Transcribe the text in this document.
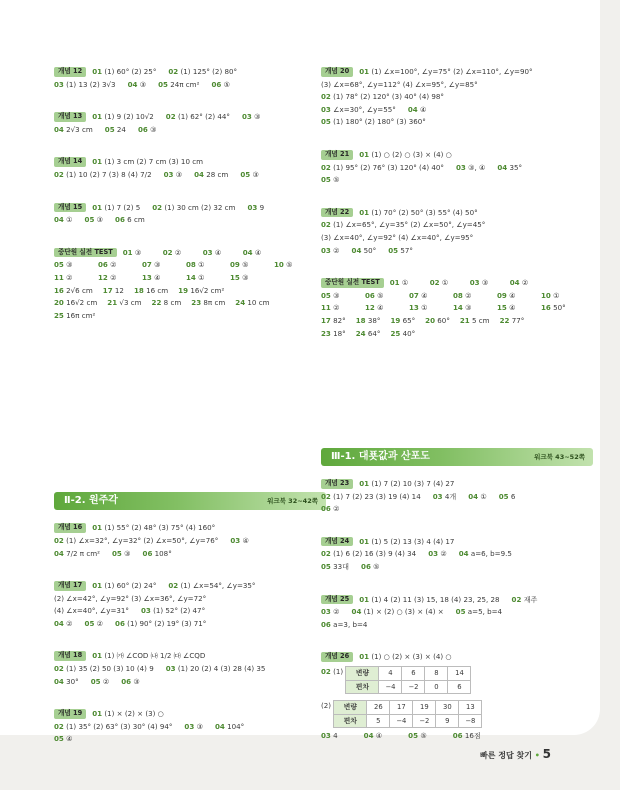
개념 12 01 (1) 60° (2) 25° 02 (1) 125° (2) 80°
03 (1) 13 (2) 3√3 04 ③ 05 24π cm² 06 ⑤
개념 13 01 (1) 9 (2) 10√2 02 (1) 62° (2) 44° 03 ③
04 2√3 cm 05 24 06 ③
개념 14 01 (1) 3 cm (2) 7 cm (3) 10 cm
02 (1) 10 (2) 7 (3) 8 (4) 7/2 03 ③ 04 28 cm 05 ③
개념 15 01 (1) 7 (2) 5 02 (1) 30 cm (2) 32 cm 03 9
04 ① 05 ③ 06 6 cm
중단원 실전 TEST 01 ③	02 ②	03 ④	04 ④
05 ③	06 ②	07 ③	08 ①	09 ⑤	10 ⑤
11 ②	12 ②	13 ④	14 ①	15 ③
16 2√6 cm 17 12 18 16 cm 19 16√2 cm²
20 16√2 cm 21 √3 cm 22 8 cm 23 8π cm 24 10 cm
25 16π cm²
Ⅱ-2. 원주각	워크북 32~42쪽
개념 16 01 (1) 55° (2) 48° (3) 75° (4) 160°
02 (1) ∠x=32°, ∠y=32° (2) ∠x=50°, ∠y=76° 03 ④
04 7/2 π cm² 05 ③ 06 108°
개념 17 01 (1) 60° (2) 24° 02 (1) ∠x=54°, ∠y=35°
(2) ∠x=42°, ∠y=92° (3) ∠x=36°, ∠y=72°
(4) ∠x=40°, ∠y=31° 03 (1) 52° (2) 47°
04 ② 05 ② 06 (1) 90° (2) 19° (3) 71°
개념 18 01 (1) ㈎ ∠COD ㈏ 1/2 ㈐ ∠CQD
02 (1) 35 (2) 50 (3) 10 (4) 9 03 (1) 20 (2) 4 (3) 28 (4) 35
04 30° 05 ② 06 ③
개념 19 01 (1) × (2) × (3) ○
02 (1) 35° (2) 63° (3) 30° (4) 94° 03 ③ 04 104°
05 ④
개념 20 01 (1) ∠x=100°, ∠y=75° (2) ∠x=110°, ∠y=90°
(3) ∠x=68°, ∠y=112° (4) ∠x=95°, ∠y=85°
02 (1) 78° (2) 120° (3) 40° (4) 98°
03 ∠x=30°, ∠y=55° 04 ④
05 (1) 180° (2) 180° (3) 360°
개념 21 01 (1) ○ (2) ○ (3) × (4) ○
02 (1) 95° (2) 76° (3) 120° (4) 40° 03 ③, ④ 04 35°
05 ⑤
개념 22 01 (1) 70° (2) 50° (3) 55° (4) 50°
02 (1) ∠x=65°, ∠y=35° (2) ∠x=50°, ∠y=45°
(3) ∠x=40°, ∠y=92° (4) ∠x=40°, ∠y=95°
03 ② 04 50° 05 57°
중단원 실전 TEST 01 ①	02 ①	03 ③	04 ②
05 ③	06 ⑤	07 ④	08 ②	09 ④	10 ①
11 ②	12 ④	13 ①	14 ③	15 ④	16 50°
17 82° 18 38° 19 65° 20 60° 21 5 cm 22 77°
23 18° 24 64° 25 40°
Ⅲ-1. 대푯값과 산포도	워크북 43~52쪽
개념 23 01 (1) 7 (2) 10 (3) 7 (4) 27
02 (1) 7 (2) 23 (3) 19 (4) 14 03 4개 04 ① 05 6
06 ②
개념 24 01 (1) 5 (2) 13 (3) 4 (4) 17
02 (1) 6 (2) 16 (3) 9 (4) 34 03 ② 04 a=6, b=9.5
05 33대 06 ⑤
개념 25 01 (1) 4 (2) 11 (3) 15, 18 (4) 23, 25, 28 02 재주
03 ② 04 (1) × (2) ○ (3) × (4) × 05 a=5, b=4
06 a=3, b=4
개념 26 01 (1) ○ (2) × (3) × (4) ○
02 (1) 변량	4	6	8	14
편차	−4	−2	0	6
(2) 변량	26	17	19	30	13
편차	5	−4	−2	9	−8
03 4	04 ④	05 ⑤	06 16점
빠른 정답 찾기 • 5
